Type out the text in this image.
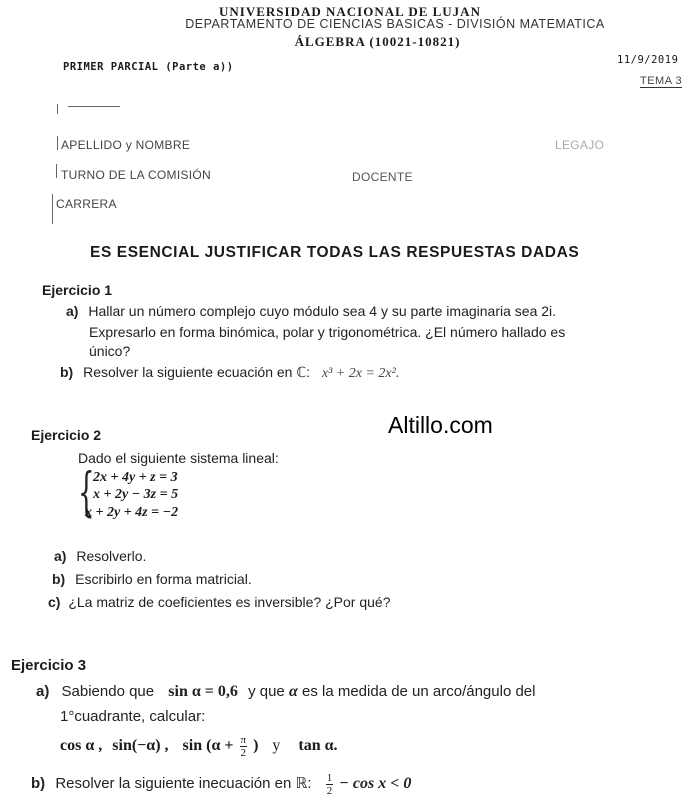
UNIVERSIDAD NACIONAL DE LUJAN
DEPARTAMENTO DE CIENCIAS BASICAS - DIVISIÓN MATEMATICA
ÁLGEBRA (10021-10821)
PRIMER PARCIAL (Parte a))
11/9/2019
TEMA 3
APELLIDO y NOMBRE	LEGAJO
TURNO DE LA COMISIÓN	DOCENTE
CARRERA
ES ESENCIAL JUSTIFICAR TODAS LAS RESPUESTAS DADAS
Ejercicio 1
a) Hallar un número complejo cuyo módulo sea 4 y su parte imaginaria sea 2i.
Expresarlo en forma binómica, polar y trigonométrica. ¿El número hallado es
único?
b) Resolver la siguiente ecuación en ℂ: x³ + 2x = 2x².
Altillo.com
Ejercicio 2
Dado el siguiente sistema lineal:
{
2x + 4y + z = 3
x + 2y − 3z = 5
x + 2y + 4z = −2
a) Resolverlo.
b) Escribirlo en forma matricial.
c) ¿La matriz de coeficientes es inversible? ¿Por qué?
Ejercicio 3
a) Sabiendo que sin α = 0,6 y que α es la medida de un arco/ángulo del
1°cuadrante, calcular:
cos α , sin(−α) , $\sin (\alpha + \frac{\pi}{2}$ ) y tan α.
b) Resolver la siguiente inecuación en ℝ: $\frac{1}{2} - \cos x < 0$
